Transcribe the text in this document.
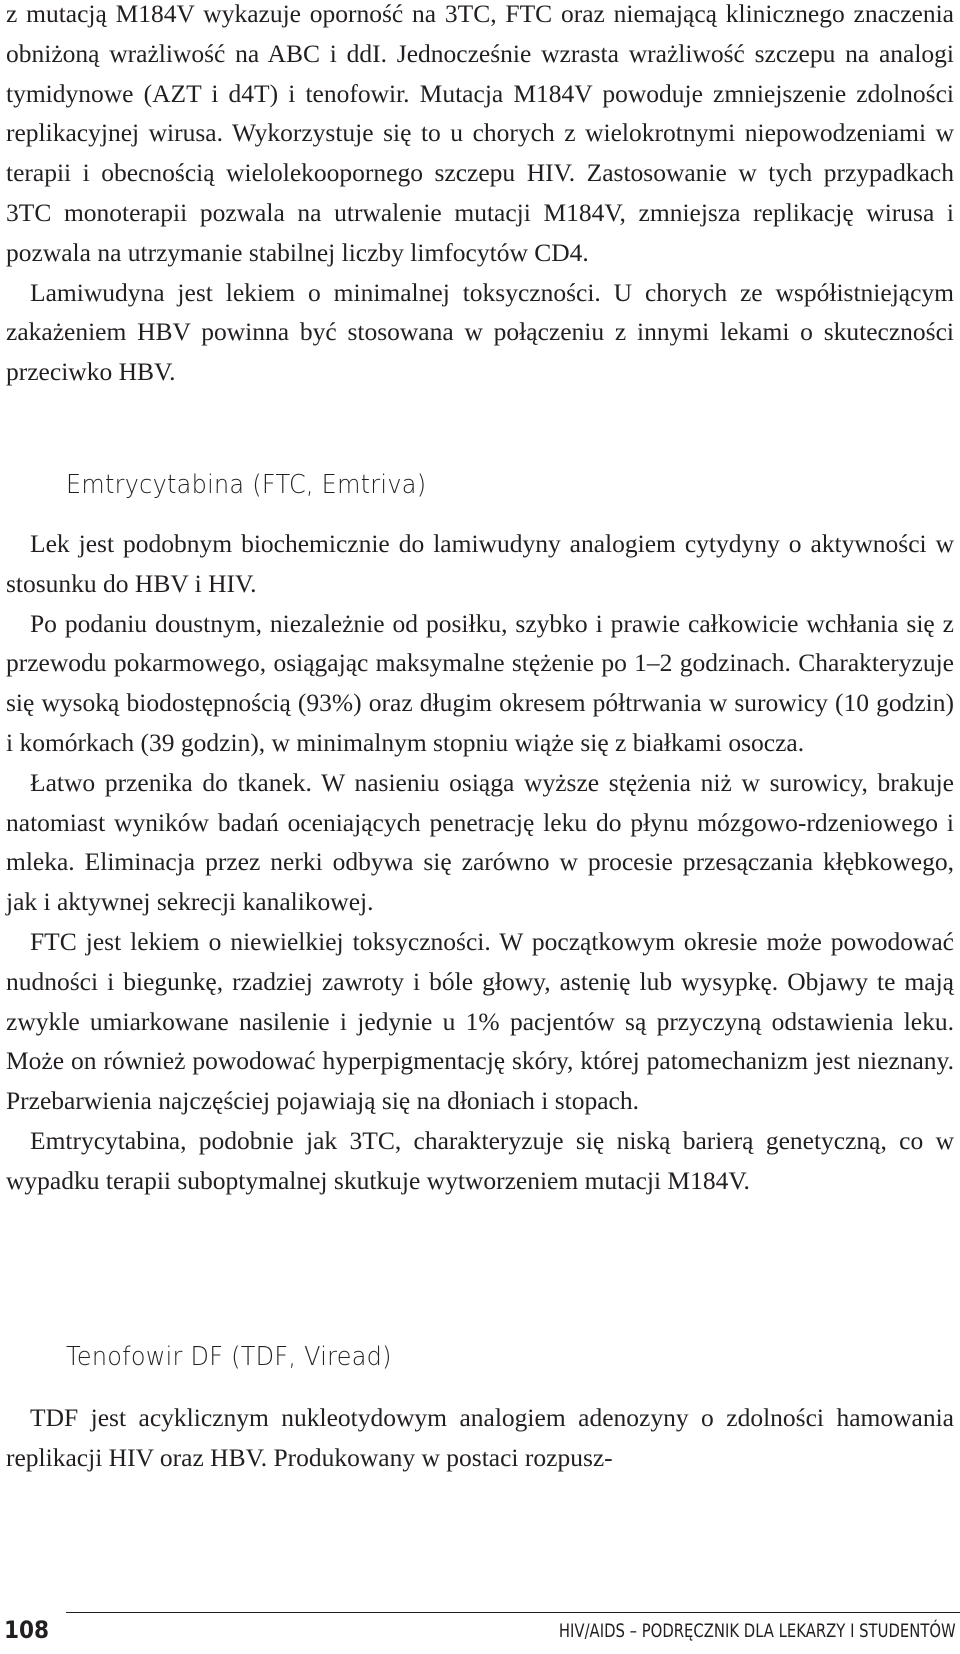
z mutacją M184V wykazuje oporność na 3TC, FTC oraz niemającą klinicznego znaczenia obniżoną wrażliwość na ABC i ddI. Jednocześnie wzrasta wrażliwość szczepu na analogi tymidynowe (AZT i d4T) i tenofowir. Mutacja M184V powoduje zmniejszenie zdolności replikacyjnej wirusa. Wykorzystuje się to u chorych z wielokrotnymi niepowodzeniami w terapii i obecnością wielolekoopornego szczepu HIV. Zastosowanie w tych przypadkach 3TC monoterapii pozwala na utrwalenie mutacji M184V, zmniejsza replikację wirusa i pozwala na utrzymanie stabilnej liczby limfocytów CD4.

Lamiwudyna jest lekiem o minimalnej toksyczności. U chorych ze współistniejącym zakażeniem HBV powinna być stosowana w połączeniu z innymi lekami o skuteczności przeciwko HBV.

Emtrycytabina (FTC, Emtriva)

Lek jest podobnym biochemicznie do lamiwudyny analogiem cytydyny o aktywności w stosunku do HBV i HIV.

Po podaniu doustnym, niezależnie od posiłku, szybko i prawie całkowicie wchłania się z przewodu pokarmowego, osiągając maksymalne stężenie po 1–2 godzinach. Charakteryzuje się wysoką biodostępnością (93%) oraz długim okresem półtrwania w surowicy (10 godzin) i komórkach (39 godzin), w minimalnym stopniu wiąże się z białkami osocza.

Łatwo przenika do tkanek. W nasieniu osiąga wyższe stężenia niż w surowicy, brakuje natomiast wyników badań oceniających penetrację leku do płynu mózgowo-rdzeniowego i mleka. Eliminacja przez nerki odbywa się zarówno w procesie przesączania kłębkowego, jak i aktywnej sekrecji kanalikowej.

FTC jest lekiem o niewielkiej toksyczności. W początkowym okresie może powodować nudności i biegunkę, rzadziej zawroty i bóle głowy, astenię lub wysypkę. Objawy te mają zwykle umiarkowane nasilenie i jedynie u 1% pacjentów są przyczyną odstawienia leku. Może on również powodować hyperpigmentację skóry, której patomechanizm jest nieznany. Przebarwienia najczęściej pojawiają się na dłoniach i stopach.

Emtrycytabina, podobnie jak 3TC, charakteryzuje się niską barierą genetyczną, co w wypadku terapii suboptymalnej skutkuje wytworzeniem mutacji M184V.

Tenofowir DF (TDF, Viread)

TDF jest acyklicznym nukleotydowym analogiem adenozyny o zdolności hamowania replikacji HIV oraz HBV. Produkowany w postaci rozpusz-

108	HIV/AIDS – PODRĘCZNIK DLA LEKARZY I STUDENTÓW
